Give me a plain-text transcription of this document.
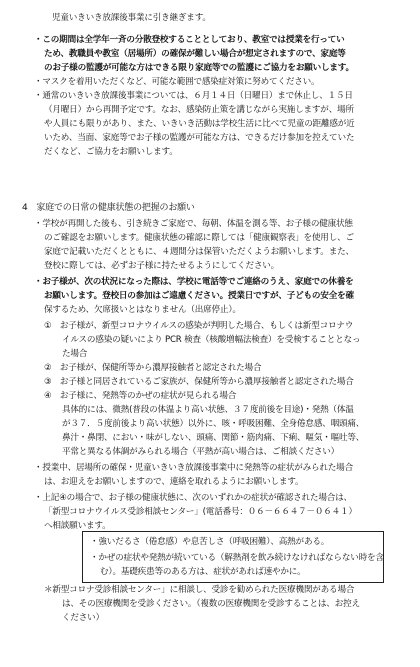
児童いきいき放課後事業に引き継ぎます。
・この期間は全学年一斉の分散登校することとしており、教室では授業を行ってい
ため、教職員や教室（居場所）の確保が難しい場合が想定されますので、家庭等
のお子様の監護が可能な方はできる限り家庭等での監護にご協力をお願いします。
・マスクを着用いただくなど、可能な範囲で感染症対策に努めてください。
・通常のいきいき放課後事業については、６月１４日（日曜日）まで休止し、１５日
（月曜日）から再開予定です。なお、感染防止策を講じながら実施しますが、場所
や人員にも限りがあり、また、いきいき活動は学校生活に比べて児童の距離感が近
いため、当面、家庭等でお子様の監護が可能な方は、できるだけ参加を控えていた
だくなど、ご協力をお願いします。
4　家庭での日常の健康状態の把握のお願い
・学校が再開した後も、引き続きご家庭で、毎朝、体温を測る等、お子様の健康状態
のご確認をお願いします。健康状態の確認に際しては「健康観察表」を使用し、ご
家庭で記載いただくとともに、４週間分は保管いただくようお願いします。また、
登校に際しては、必ずお子様に持たせるようにしてください。
・お子様が、次の状況になった際は、学校に電話等でご連絡のうえ、家庭での休養を
お願いします。登校日の参加はご遠慮ください。授業日ですが、子どもの安全を確
保するため、欠席扱いとはなりません（出席停止）。
①　お子様が、新型コロナウイルスの感染が判明した場合、もしくは新型コロナウ
イルスの感染の疑いにより PCR 検査（核酸増幅法検査）を受検することとなっ
た場合
②　お子様が、保健所等から濃厚接触者と認定された場合
③　お子様と同居されているご家族が、保健所等から濃厚接触者と認定された場合
④　お子様に、発熱等のかぜの症状が見られる場合
具体的には、微熱(普段の体温より高い状態、３７度前後を目途)・発熱（体温
が３７．５度前後より高い状態）以外に、咳・呼吸困難、全身倦怠感、咽頭痛、
鼻汁・鼻閉、におい・味がしない、頭痛、関節・筋肉痛、下痢、嘔気・嘔吐等、
平常と異なる体調がみられる場合（平熱が高い場合は、ご相談ください）
・授業中、居場所の確保・児童いきいき放課後事業中に発熱等の症状がみられた場合
は、お迎えをお願いしますので、連絡を取れるようにお願いします。
・上記④の場合で、お子様の健康状態に、次のいずれかの症状が確認された場合は、
「新型コロナウイルス受診相談センター」(電話番号：０６－６６４７－０６４１）
へ相談願います。
・強いだるさ（倦怠感）や息苦しさ（呼吸困難）、高熱がある。
・かぜの症状や発熱が続いている（解熱剤を飲み続けなければならない時を含
む）。基礎疾患等のある方は、症状があれば速やかに。
＊新型コロナ受診相談センター」に相談し、受診を勧められた医療機関がある場合
は、その医療機関を受診ください。（複数の医療機関を受診することは、お控え
ください）
